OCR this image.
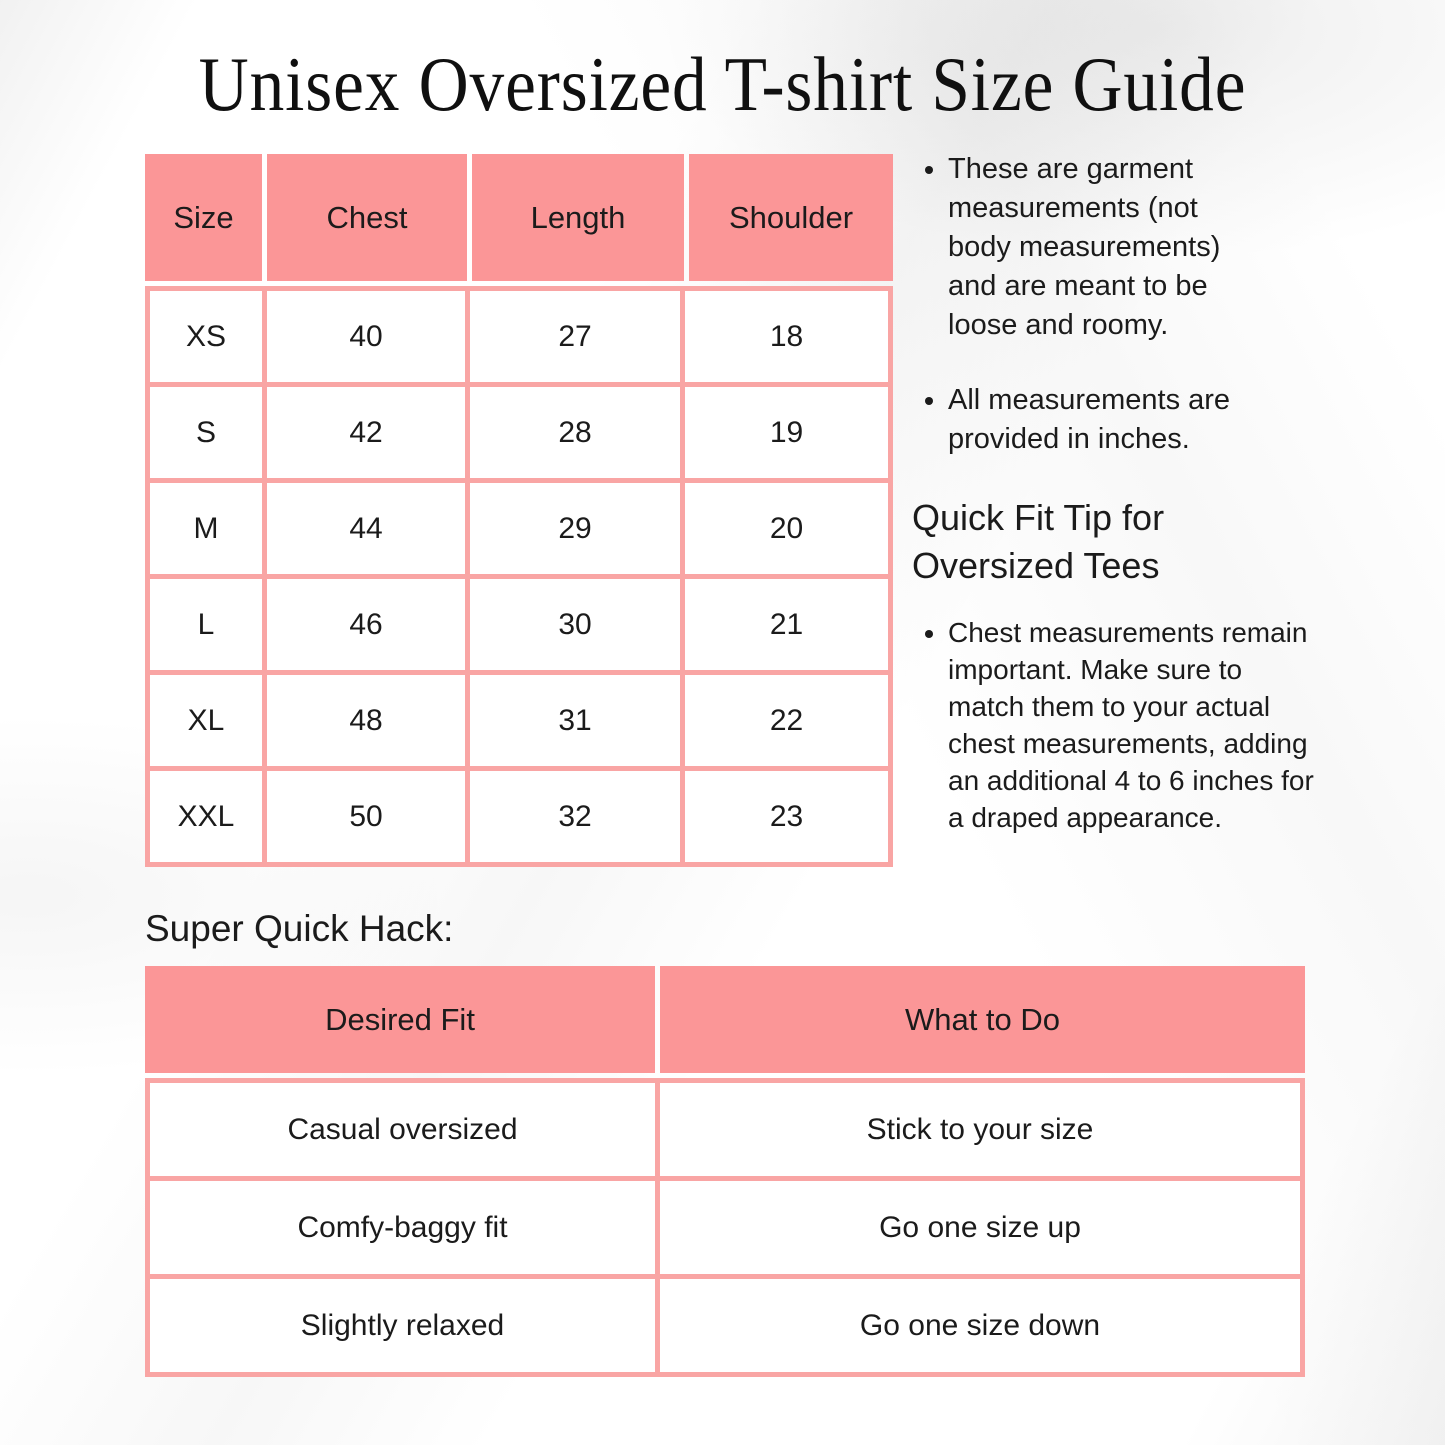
Unisex Oversized T-shirt Size Guide
Size	Chest	Length	Shoulder
XS	40	27	18
S	42	28	19
M	44	29	20
L	46	30	21
XL	48	31	22
XXL	50	32	23
• These are garment measurements (not body measurements) and are meant to be loose and roomy.
• All measurements are provided in inches.
Quick Fit Tip for Oversized Tees
• Chest measurements remain important. Make sure to match them to your actual chest measurements, adding an additional 4 to 6 inches for a draped appearance.
Super Quick Hack:
Desired Fit	What to Do
Casual oversized	Stick to your size
Comfy-baggy fit	Go one size up
Slightly relaxed	Go one size down
